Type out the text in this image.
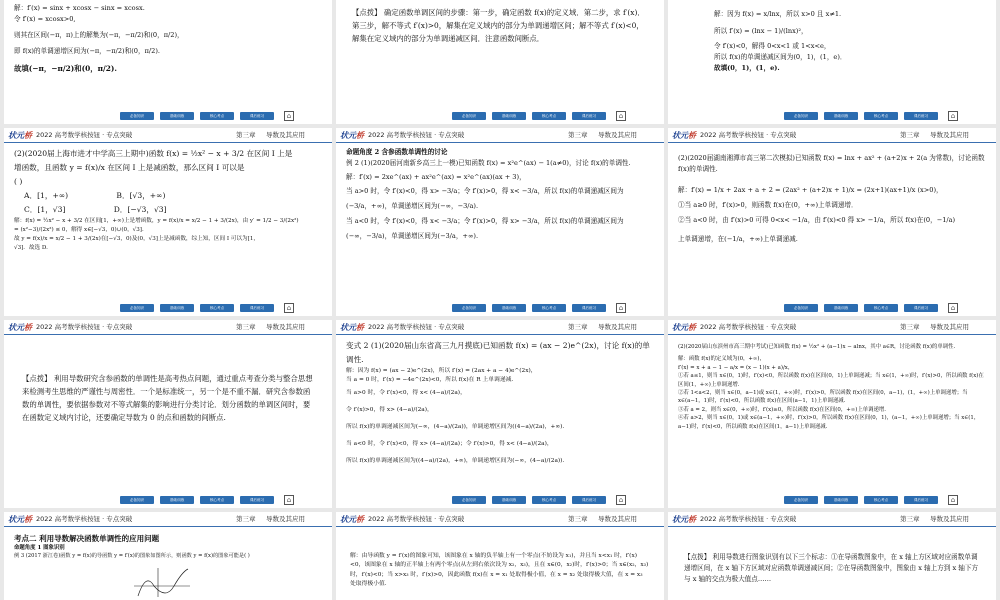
解：f′(x) = sinx + xcosx − sinx = xcosx.

令 f′(x) = xcosx>0,

则其在区间(−π，π)上的解集为(−π，−π/2)和(0，π/2)，

即 f(x)的单调递增区间为(−π，−π/2)和(0，π/2).

故填(−π，−π/2)和(0，π/2).

必备知识	基础训练	核心考点	课后练习	⌂

【点拨】 确定函数单调区间的步骤：第一步，确定函数 f(x)的定义域．第二步，求 f′(x)．第三步，解不等式 f′(x)>0，解集在定义域内的部分为单调递增区间；解不等式 f′(x)<0，解集在定义域内的部分为单调递减区间．注意函数间断点．

必备知识	基础训练	核心考点	课后练习	⌂

解：因为 f(x) = x/lnx，所以 x>0 且 x≠1.

所以 f′(x) = (lnx − 1)/(lnx)²，

令 f′(x)<0，解得 0<x<1 或 1<x<e，

所以 f(x)的单调递减区间为(0，1)，(1，e)．

故填(0，1)，(1，e).

必备知识	基础训练	核心考点	课后练习	⌂
状元桥 2022 高考数学核按钮 · 专点突破	第三章 导数及其应用

(2)(2020届上海市进才中学高三上期中)函数 f(x) = ½x² − x + 3/2 在区间 I 上是

增函数，且函数 y = f(x)/x 在区间 I 上是减函数，那么区间 I 可以是

( )

A．[1，+∞)                    B．[√3，+∞)

C．[1，√3]                    D．[−√3，√3]

解：f(x) = ½x² − x + 3/2 在区间[1，+∞)上是增函数，y = f(x)/x = x/2 − 1 + 3/(2x)，由 y′ = 1/2 − 3/(2x²)

= (x²−3)/(2x²) ≤ 0，解得 x∈[−√3，0)∪(0，√3].

故 y = f(x)/x = x/2 − 1 + 3/(2x)在[−√3，0)及(0，√3]上是减函数，综上知，区间 I 可以为[1，

√3]．故选 D.

必备知识	基础训练	核心考点	课后练习	⌂
状元桥 2022 高考数学核按钮 · 专点突破	第三章 导数及其应用

命题角度 2 含参函数单调性的讨论

例 2 (1)(2020届河南新乡高三上一模)已知函数 f(x) = x²e^(ax) − 1(a≠0)，讨论 f(x)的单调性.

解：f′(x) = 2xe^(ax) + ax²e^(ax) = x²e^(ax)(ax + 3)，

当 a>0 时，令 f′(x)<0，得 x> −3/a；令 f′(x)>0，得 x< −3/a，所以 f(x)的单调递减区间为

(−3/a，+∞)，单调递增区间为(−∞，−3/a).

当 a<0 时，令 f′(x)<0，得 x< −3/a；令 f′(x)>0，得 x> −3/a，所以 f(x)的单调递减区间为

(−∞，−3/a)，单调递增区间为(−3/a，+∞).

必备知识	基础训练	核心考点	课后练习	⌂
状元桥 2022 高考数学核按钮 · 专点突破	第三章 导数及其应用

(2)(2020届湖南湘潭市高三第二次模拟)已知函数 f(x) = lnx + ax² + (a+2)x + 2(a 为常数)，讨论函数 f(x)的单调性.

解：f′(x) = 1/x + 2ax + a + 2 = (2ax² + (a+2)x + 1)/x = (2x+1)(ax+1)/x (x>0)，

①当 a≥0 时，f′(x)>0，则函数 f(x)在(0，+∞)上单调递增．

②当 a<0 时，由 f′(x)>0 可得 0<x< −1/a，由 f′(x)<0 得 x> −1/a，所以 f(x)在(0，−1/a)

上单调递增，在(−1/a，+∞)上单调递减.

必备知识	基础训练	核心考点	课后练习	⌂
状元桥 2022 高考数学核按钮 · 专点突破	第三章 导数及其应用

【点拨】 利用导数研究含参函数的单调性是高考热点问题，通过重点考查分类与整合思想来检测考生思维的严谨性与周密性．一个是标准统一，另一个是不重不漏．研究含参数函数的单调性，要依据参数对不等式解集的影响进行分类讨论．划分函数的单调区间时，要在函数定义域内讨论，还要确定导数为 0 的点和函数的间断点.

必备知识	基础训练	核心考点	课后练习	⌂
状元桥 2022 高考数学核按钮 · 专点突破	第三章 导数及其应用

变式 2 (1)(2020届山东省高三九月摸底)已知函数 f(x) = (ax − 2)e^(2x)，讨论 f(x)的单调性.

解：因为 f(x) = (ax − 2)e^(2x)，所以 f′(x) = (2ax + a − 4)e^(2x)，

当 a = 0 时，f′(x) = −4e^(2x)<0，所以 f(x)在 R 上单调递减.

当 a>0 时，令 f′(x)<0，得 x< (4−a)/(2a)，

令 f′(x)>0，得 x> (4−a)/(2a)，

所以 f(x)的单调递减区间为(−∞，(4−a)/(2a))，单调递增区间为((4−a)/(2a)，+∞).

当 a<0 时，令 f′(x)<0，得 x> (4−a)/(2a)；令 f′(x)>0，得 x< (4−a)/(2a)，

所以 f(x)的单调递减区间为((4−a)/(2a)，+∞)，单调递增区间为(−∞，(4−a)/(2a)).

必备知识	基础训练	核心考点	课后练习	⌂
状元桥 2022 高考数学核按钮 · 专点突破	第三章 导数及其应用

(2)(2020届山东滨州市高三期中考试)已知函数 f(x) = ½x² + (a−1)x − alnx，其中 a∈R，讨论函数 f(x)的单调性.

解：函数 f(x)的定义域为(0，+∞)，

f′(x) = x + a − 1 − a/x = (x − 1)(x + a)/x，

①若 a≤1，则当 x∈(0，1)时，f′(x)<0，所以函数 f(x)在区间(0，1)上单调递减；当 x∈(1，+∞)时，f′(x)>0，所以函数 f(x)在区间(1，+∞)上单调递增.

②若 1<a<2，则当 x∈(0，a−1)或 x∈(1，+∞)时，f′(x)>0，所以函数 f(x)在区间(0，a−1)，(1，+∞)上单调递增；当 x∈(a−1，1)时，f′(x)<0，所以函数 f(x)在区间(a−1，1)上单调递减.

③若 a = 2，则当 x∈(0，+∞)时，f′(x)≥0，所以函数 f(x)在区间(0，+∞)上单调递增.

④若 a>2，则当 x∈(0，1)或 x∈(a−1，+∞)时，f′(x)>0，所以函数 f(x)在区间(0，1)，(a−1，+∞)上单调递增；当 x∈(1，a−1)时，f′(x)<0，所以函数 f(x)在区间(1，a−1)上单调递减.

必备知识	基础训练	核心考点	课后练习	⌂
状元桥 2022 高考数学核按钮 · 专点突破	第三章 导数及其应用

考点二 利用导数解决函数单调性的应用问题

命题角度 1 图象识别

例 3 (2017 浙江卷)函数 y = f(x)的导函数 y = f′(x)的图象如图所示，则函数 y = f(x)的图象可能是( )

状元桥 2022 高考数学核按钮 · 专点突破	第三章 导数及其应用

解：由导函数 y = f′(x)的图象可知，该图象在 x 轴的负半轴上有一个零点(不妨设为 x₁)，并且当 x<x₁ 时，f′(x)<0，该图象在 x 轴的正半轴上有两个零点(从左到右依次设为 x₂，x₃)，且在 x∈(0，x₂)时，f′(x)>0；当 x∈(x₂，x₃)时，f′(x)<0；当 x>x₃ 时，f′(x)>0，因此函数 f(x)在 x = x₁ 处取得极小值，在 x = x₂ 处取得极大值，在 x = x₃ 处取得极小值.

状元桥 2022 高考数学核按钮 · 专点突破	第三章 导数及其应用

【点拨】 利用导数进行图象识别有以下三个标志：①在导函数图象中，在 x 轴上方区域对应函数单调递增区间，在 x 轴下方区域对应函数单调递减区间；②在导函数图象中，图象由 x 轴上方到 x 轴下方与 x 轴的交点为极大值点……
